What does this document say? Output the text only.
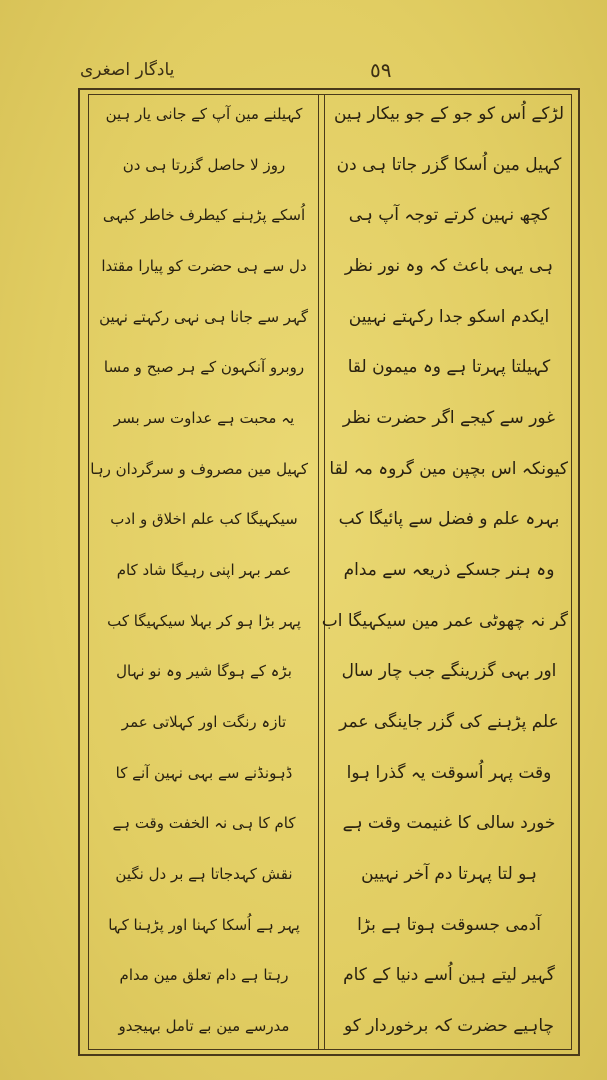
یادگار اصغری	٥٩
لڑکے اُس کو جو کے جو بیکار ہین
کہیل مین اُسکا گزر جاتا ہی دن
کچھ نہین کرتے توجہ آپ ہی
ہی یہی باعث کہ وہ نور نظر
ایکدم اسکو جدا رکہتے نہیین
کہیلتا پہرتا ہے وہ میمون لقا
غور سے کیجے اگر حضرت نظر
کیونکہ اس بچپن مین گروہ مہ لقا
بہرہ علم و فضل سے پائیگا کب
وہ ہنر جسکے ذریعہ سے مدام
گر نہ چھوٹی عمر مین سیکہیگا اب
اور بہی گزرینگے جب چار سال
علم پڑہنے کی گزر جاینگی عمر
وقت پہر اُسوقت یہ گذرا ہوا
خورد سالی کا غنیمت وقت ہے
ہو لتا پہرتا دم آخر نہیین
آدمی جسوقت ہوتا ہے بڑا
گہیر لیتے ہین اُسے دنیا کے کام
چاہیے حضرت کہ برخوردار کو
کہیلنے مین آپ کے جانی یار ہین
روز لا حاصل گزرتا ہی دن
اُسکے پڑہنے کیطرف خاطر کبہی
دل سے ہی حضرت کو پیارا مقتدا
گہر سے جانا ہی نہی رکہتے نہین
روبرو آنکہون کے ہر صبح و مسا
یہ محبت ہے عداوت سر بسر
کہیل مین مصروف و سرگردان رہا
سیکہیگا کب علم اخلاق و ادب
عمر بہر اپنی رہیگا شاد کام
پہر بڑا ہو کر بہلا سیکہیگا کب
بڑہ کے ہوگا شیر وہ نو نہال
تازہ رنگت اور کہلاتی عمر
ڈہونڈنے سے بہی نہین آنے کا
کام کا ہی نہ الخفت وقت ہے
نقش کہدجاتا ہے بر دل نگین
پہر ہے اُسکا کہنا اور پڑہنا کہا
رہتا ہے دام تعلق مین مدام
مدرسے مین بے تامل بہیجدو
